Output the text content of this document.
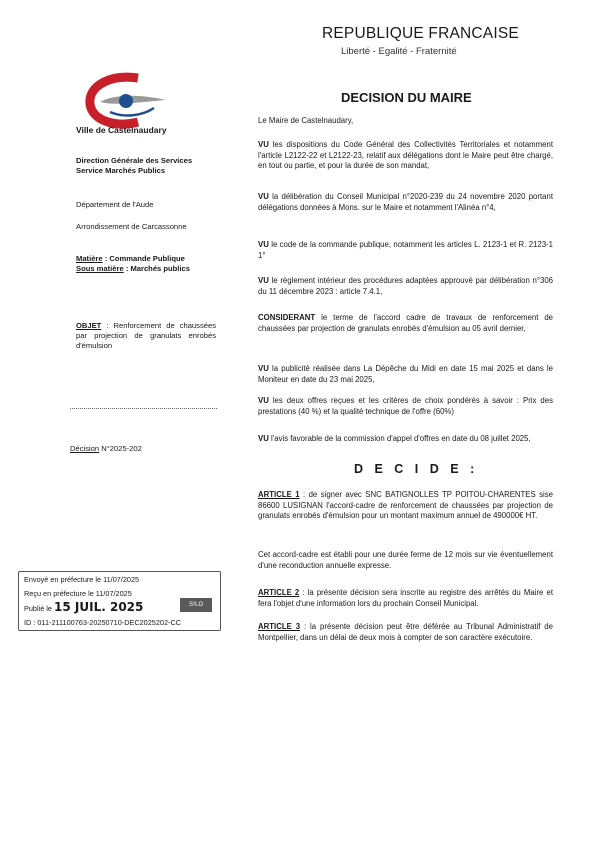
REPUBLIQUE FRANCAISE
Liberté - Egalité - Fraternité
DECISION DU MAIRE
Ville de Castelnaudary
Direction Générale des Services
Service Marchés Publics
Département de l'Aude
Arrondissement de Carcassonne
Matière : Commande Publique
Sous matière : Marchés publics
OBJET : Renforcement de chaussées par projection de granulats enrobés d'émulsion
Décision N°2025-202
Le Maire de Castelnaudary,
VU les dispositions du Code Général des Collectivités Territoriales et notamment l'article L2122-22 et L2122-23, relatif aux délégations dont le Maire peut être chargé, en tout ou partie, et pour la durée de son mandat,
VU la délibération du Conseil Municipal n°2020-239 du 24 novembre 2020 portant délégations données à Mons. sur le Maire et notamment l'Alinéa n°4,
VU le code de la commande publique, notamment les articles L. 2123-1 et R. 2123-1 1°
VU le règlement intérieur des procédures adaptées approuvé par délibération n°306 du 11 décembre 2023 : article 7.4.1,
CONSIDERANT le terme de l'accord cadre de travaux de renforcement de chaussées par projection de granulats enrobés d'émulsion au 05 avril dernier,
VU la publicité réalisée dans La Dépêche du Midi en date 15 mai 2025 et dans le Moniteur en date du 23 mai 2025,
VU les deux offres reçues et les critères de choix pondérés à savoir : Prix des prestations (40 %) et la qualité technique de l'offre (60%)
VU l'avis favorable de la commission d'appel d'offres en date du 08 juillet 2025,
D E C I D E :
ARTICLE 1 : de signer avec SNC BATIGNOLLES TP POITOU-CHARENTES sise 86600 LUSIGNAN l'accord-cadre de renforcement de chaussées par projection de granulats enrobés d'émulsion pour un montant maximum annuel de 490000€ HT.
Cet accord-cadre est établi pour une durée ferme de 12 mois sur vie éventuellement d'une reconduction annuelle expresse.
ARTICLE 2 : la présente décision sera inscrite au registre des arrêtés du Maire et fera l'objet d'une information lors du prochain Conseil Municipal.
ARTICLE 3 : la présente décision peut être déférée au Tribunal Administratif de Montpellier, dans un délai de deux mois à compter de son caractère exécutoire.
Envoyé en préfecture le 11/07/2025
Reçu en préfecture le 11/07/2025
Publié le 15 JUIL. 2025	S²LO
ID : 011-211100763-20250710-DEC2025202-CC
